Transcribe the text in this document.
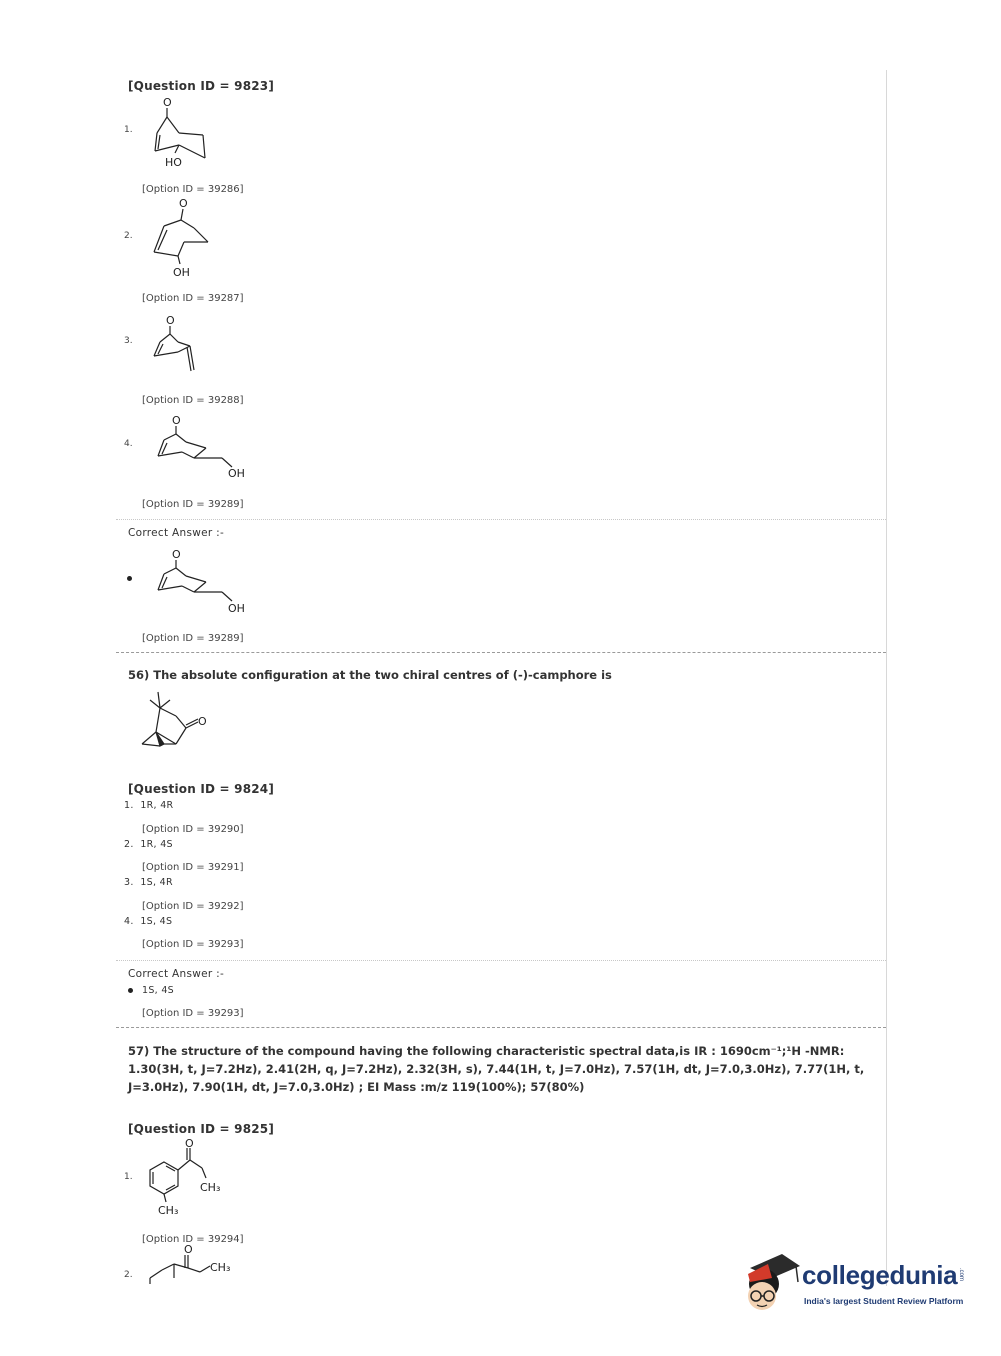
[Question ID = 9823]
1.
O
HO
[Option ID = 39286]
2.
O
OH
[Option ID = 39287]
3.
O
[Option ID = 39288]
4.
O
OH
[Option ID = 39289]
Correct Answer :-
O
OH
[Option ID = 39289]
56) The absolute configuration at the two chiral centres of (-)-camphore is
O
[Question ID = 9824]
1. 1R, 4R
[Option ID = 39290]
2. 1R, 4S
[Option ID = 39291]
3. 1S, 4R
[Option ID = 39292]
4. 1S, 4S
[Option ID = 39293]
Correct Answer :-
1S, 4S
[Option ID = 39293]
57) The structure of the compound having the following characteristic spectral data,is IR : 1690cm⁻¹;¹H -NMR: 1.30(3H, t, J=7.2Hz), 2.41(2H, q, J=7.2Hz), 2.32(3H, s), 7.44(1H, t, J=7.0Hz), 7.57(1H, dt, J=7.0,3.0Hz), 7.77(1H, t, J=3.0Hz), 7.90(1H, dt, J=7.0,3.0Hz) ; EI Mass :m/z 119(100%); 57(80%)
[Question ID = 9825]
1.
O
CH₃
CH₃
[Option ID = 39294]
2.
O
CH₃	collegedunia .com
India's largest Student Review Platform
